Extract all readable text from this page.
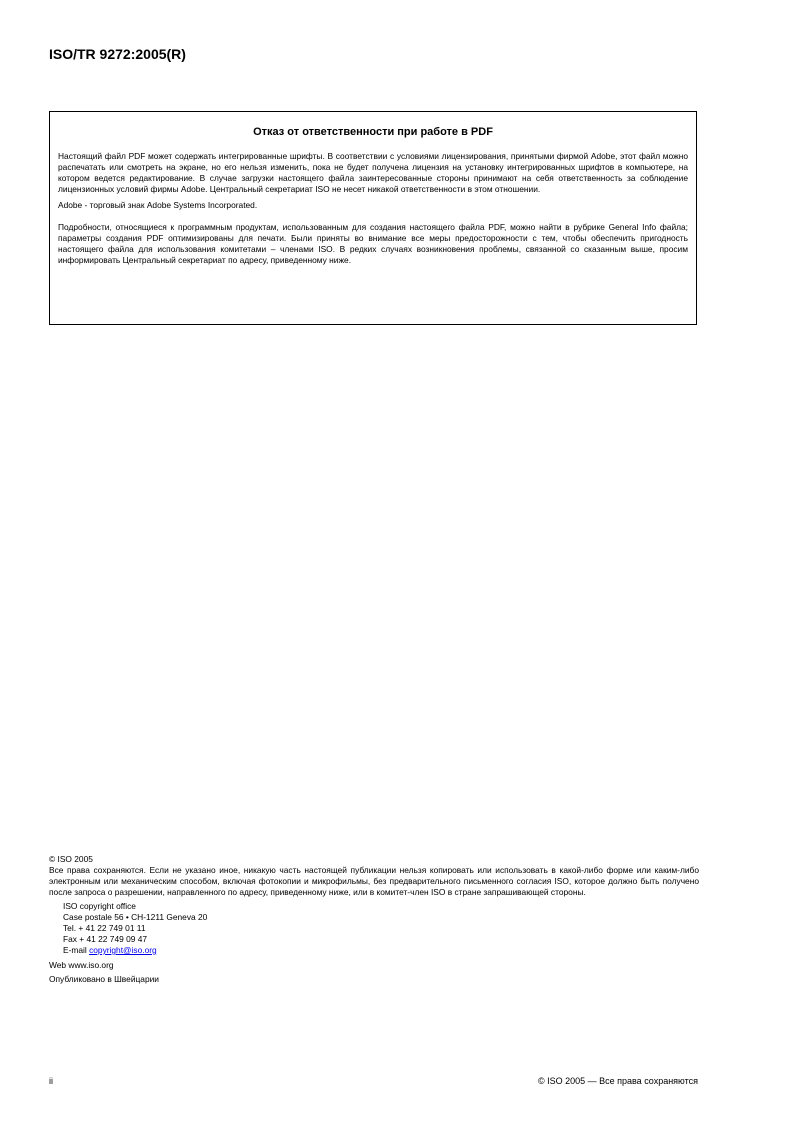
ISO/TR 9272:2005(R)
Отказ от ответственности при работе в PDF

Настоящий файл PDF может содержать интегрированные шрифты. В соответствии с условиями лицензирования, принятыми фирмой Adobe, этот файл можно распечатать или смотреть на экране, но его нельзя изменить, пока не будет получена лицензия на установку интегрированных шрифтов в компьютере, на котором ведется редактирование. В случае загрузки настоящего файла заинтересованные стороны принимают на себя ответственность за соблюдение лицензионных условий фирмы Adobe. Центральный секретариат ISO не несет никакой ответственности в этом отношении.

Adobe - торговый знак Adobe Systems Incorporated.

Подробности, относящиеся к программным продуктам, использованным для создания настоящего файла PDF, можно найти в рубрике General Info файла; параметры создания PDF оптимизированы для печати. Были приняты во внимание все меры предосторожности с тем, чтобы обеспечить пригодность настоящего файла для использования комитетами – членами ISO. В редких случаях возникновения проблемы, связанной со сказанным выше, просим информировать Центральный секретариат по адресу, приведенному ниже.

© ISO 2005

Все права сохраняются. Если не указано иное, никакую часть настоящей публикации нельзя копировать или использовать в какой-либо форме или каким-либо электронным или механическим способом, включая фотокопии и микрофильмы, без предварительного письменного согласия ISO, которое должно быть получено после запроса о разрешении, направленного по адресу, приведенному ниже, или в комитет-член ISO в стране запрашивающей стороны.

ISO copyright office
Case postale 56 • CH-1211 Geneva 20
Tel. + 41 22 749 01 11
Fax + 41 22 749 09 47
E-mail copyright@iso.org
Web www.iso.org
Опубликовано в Швейцарии
ii	© ISO 2005 — Все права сохраняются
